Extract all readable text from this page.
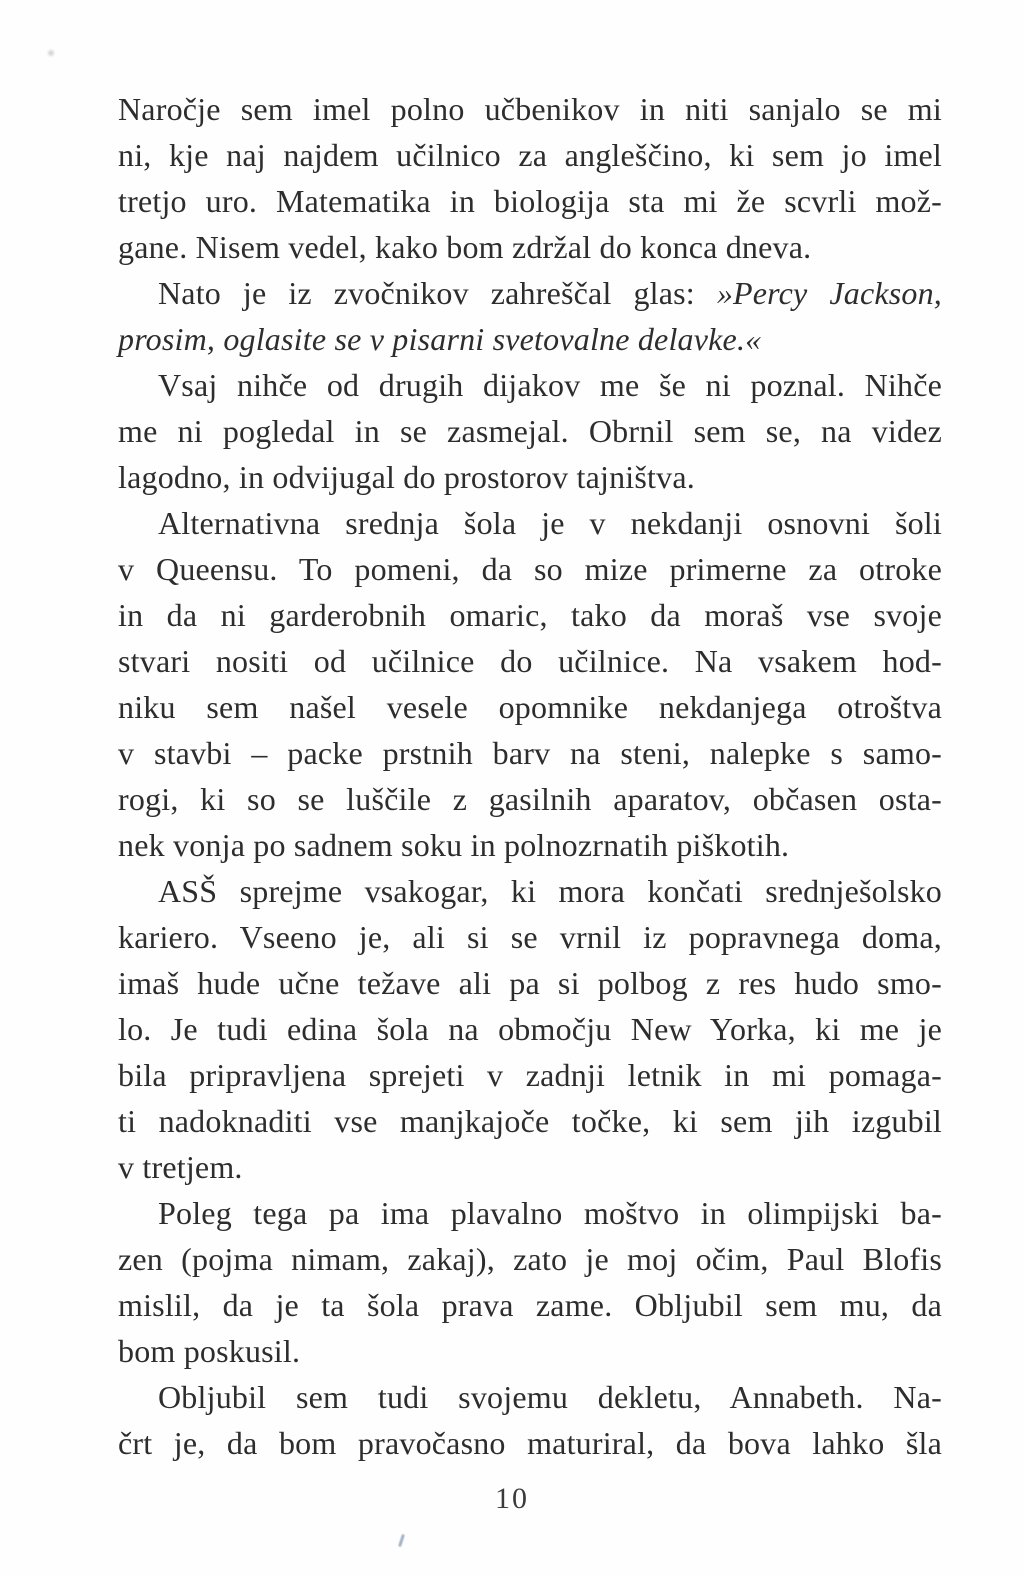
Naročje sem imel polno učbenikov in niti sanjalo se mi
ni, kje naj najdem učilnico za angleščino, ki sem jo imel
tretjo uro. Matematika in biologija sta mi že scvrli mož-
gane. Nisem vedel, kako bom zdržal do konca dneva.
Nato je iz zvočnikov zahreščal glas: »Percy Jackson,
prosim, oglasite se v pisarni svetovalne delavke.«
Vsaj nihče od drugih dijakov me še ni poznal. Nihče
me ni pogledal in se zasmejal. Obrnil sem se, na videz
lagodno, in odvijugal do prostorov tajništva.
Alternativna srednja šola je v nekdanji osnovni šoli
v Queensu. To pomeni, da so mize primerne za otroke
in da ni garderobnih omaric, tako da moraš vse svoje
stvari nositi od učilnice do učilnice. Na vsakem hod-
niku sem našel vesele opomnike nekdanjega otroštva
v stavbi – packe prstnih barv na steni, nalepke s samo-
rogi, ki so se luščile z gasilnih aparatov, občasen osta-
nek vonja po sadnem soku in polnozrnatih piškotih.
ASŠ sprejme vsakogar, ki mora končati srednješolsko
kariero. Vseeno je, ali si se vrnil iz popravnega doma,
imaš hude učne težave ali pa si polbog z res hudo smo-
lo. Je tudi edina šola na območju New Yorka, ki me je
bila pripravljena sprejeti v zadnji letnik in mi pomaga-
ti nadoknaditi vse manjkajoče točke, ki sem jih izgubil
v tretjem.
Poleg tega pa ima plavalno moštvo in olimpijski ba-
zen (pojma nimam, zakaj), zato je moj očim, Paul Blofis
mislil, da je ta šola prava zame. Obljubil sem mu, da
bom poskusil.
Obljubil sem tudi svojemu dekletu, Annabeth. Na-
črt je, da bom pravočasno maturiral, da bova lahko šla
10
